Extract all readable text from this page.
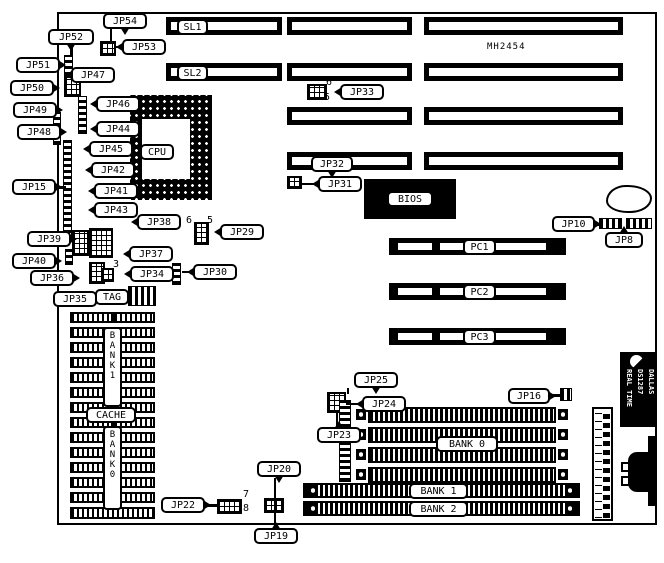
MH2454
DALLAS
DS1287
REAL TIME
JP54
JP53
JP52
JP51
JP47
JP50
JP49
JP46
JP48	JP44
JP45
JP42
JP15	JP41
JP43
JP38
JP39
JP37
JP40
JP36	JP34	JP30
JP35	TAG
SL1
SL2
JP33
JP32
JP31
JP29
BIOS
CPU
JP10
JP8
PC1
PC2
PC3
JP25
JP24
JP23
JP16
BANK 0
BANK 1
BANK 2
CACHE
JP20
JP22
JP19
B
A
N
K
1
B
A
N
K
0
6
5
6 5
3
7
8
